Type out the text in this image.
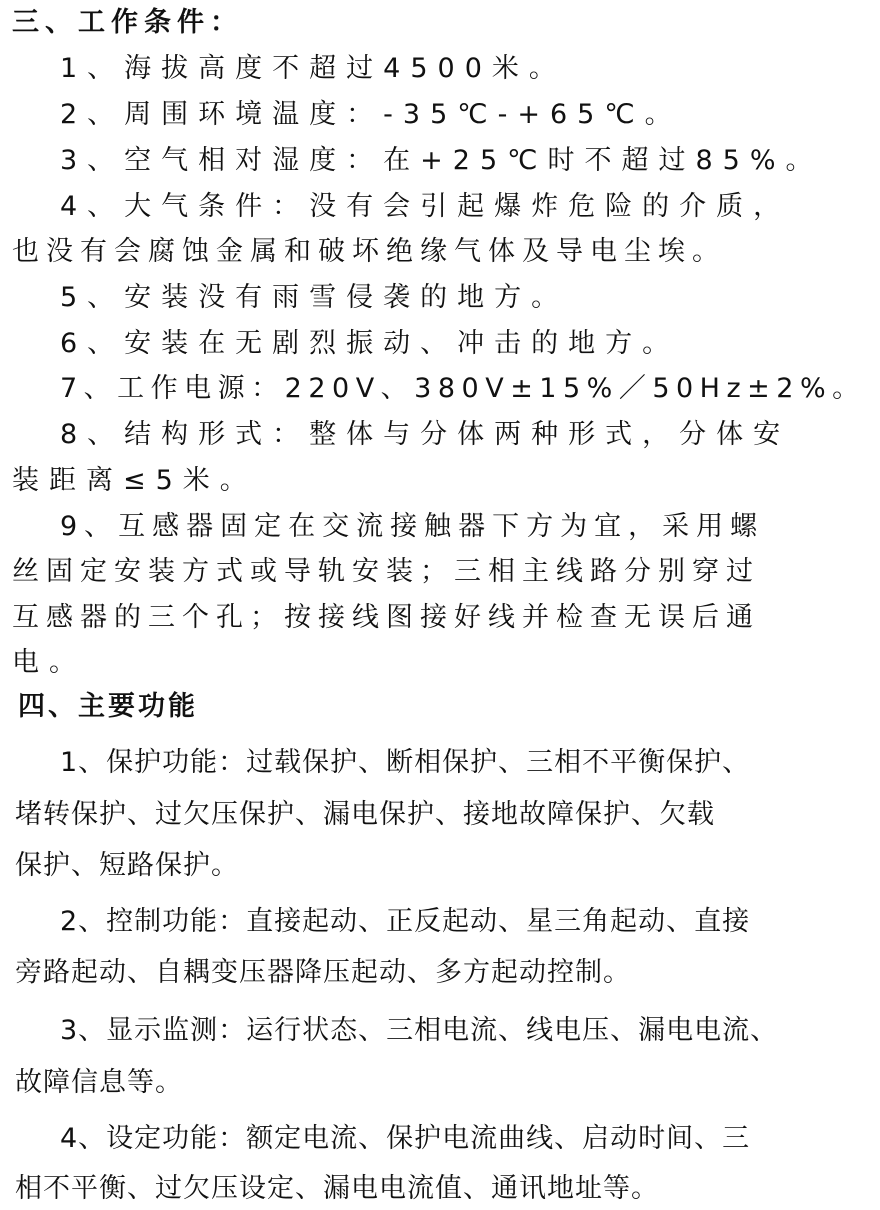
三、工作条件：
1、海拔高度不超过4500米。
2、周围环境温度：-35℃-+65℃。
3、空气相对湿度：在+25℃时不超过85%。
4、大气条件：没有会引起爆炸危险的介质，
也没有会腐蚀金属和破坏绝缘气体及导电尘埃。
5、安装没有雨雪侵袭的地方。
6、安装在无剧烈振动、冲击的地方。
7、工作电源：220V、380V±15%／50Hz±2%。
8、结构形式：整体与分体两种形式，分体安
装距离≤5米。
9、互感器固定在交流接触器下方为宜，采用螺
丝固定安装方式或导轨安装；三相主线路分别穿过
互感器的三个孔；按接线图接好线并检查无误后通
电。
四、主要功能
1、保护功能：过载保护、断相保护、三相不平衡保护、
堵转保护、过欠压保护、漏电保护、接地故障保护、欠载
保护、短路保护。
2、控制功能：直接起动、正反起动、星三角起动、直接
旁路起动、自耦变压器降压起动、多方起动控制。
3、显示监测：运行状态、三相电流、线电压、漏电电流、
故障信息等。
4、设定功能：额定电流、保护电流曲线、启动时间、三
相不平衡、过欠压设定、漏电电流值、通讯地址等。
